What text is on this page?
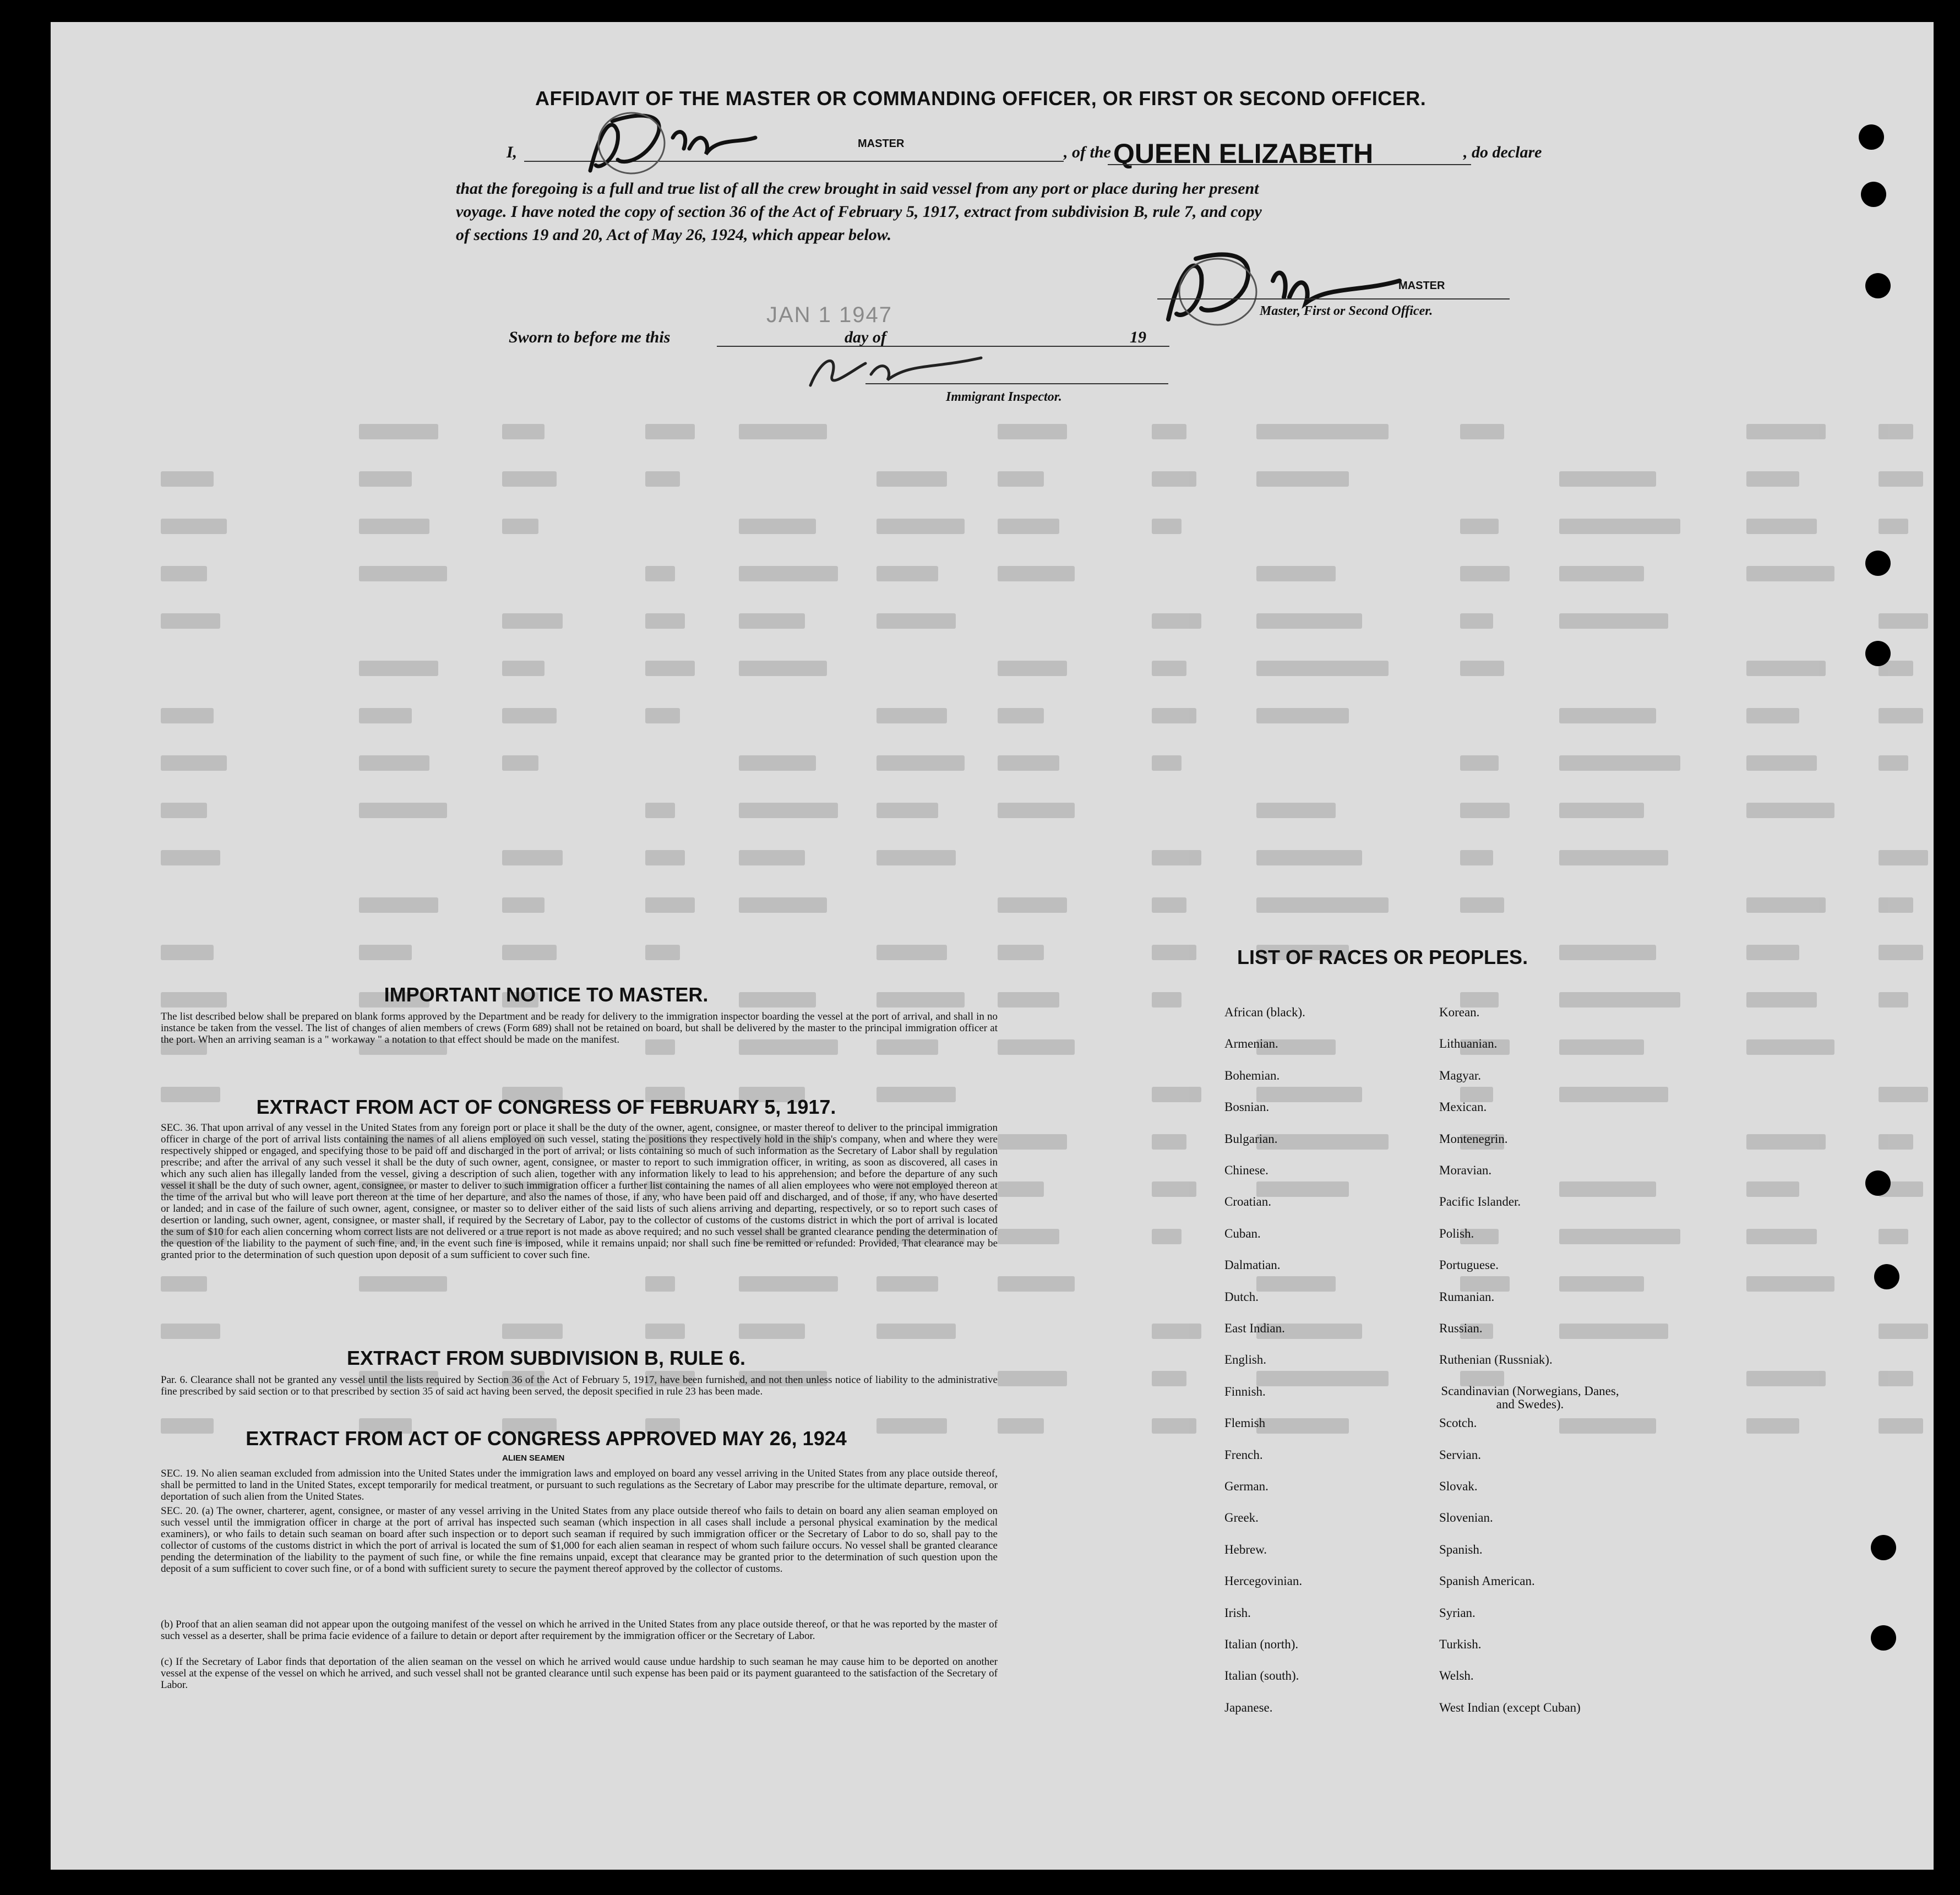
AFFIDAVIT OF THE MASTER OR COMMANDING OFFICER, OR FIRST OR SECOND OFFICER.
I,	MASTER	, of the QUEEN ELIZABETH	, do declare
that the foregoing is a full and true list of all the crew brought in said vessel from any port or place during her present
voyage. I have noted the copy of section 36 of the Act of February 5, 1917, extract from subdivision B, rule 7, and copy
of sections 19 and 20, Act of May 26, 1924, which appear below.
MASTER
Master, First or Second Officer.
Sworn to before me this
JAN 1 1947
day of	19
Immigrant Inspector.
IMPORTANT NOTICE TO MASTER.
The list described below shall be prepared on blank forms approved by the Department and be ready for delivery to the immigration inspector boarding the vessel at the port of arrival, and shall in no instance be taken from the vessel. The list of changes of alien members of crews (Form 689) shall not be retained on board, but shall be delivered by the master to the principal immigration officer at the port. When an arriving seaman is a " workaway " a notation to that effect should be made on the manifest.
EXTRACT FROM ACT OF CONGRESS OF FEBRUARY 5, 1917.
SEC. 36. That upon arrival of any vessel in the United States from any foreign port or place it shall be the duty of the owner, agent, consignee, or master thereof to deliver to the principal immigration officer in charge of the port of arrival lists containing the names of all aliens employed on such vessel, stating the positions they respectively hold in the ship's company, when and where they were respectively shipped or engaged, and specifying those to be paid off and discharged in the port of arrival; or lists containing so much of such information as the Secretary of Labor shall by regulation prescribe; and after the arrival of any such vessel it shall be the duty of such owner, agent, consignee, or master to report to such immigration officer, in writing, as soon as discovered, all cases in which any such alien has illegally landed from the vessel, giving a description of such alien, together with any information likely to lead to his apprehension; and before the departure of any such vessel it shall be the duty of such owner, agent, consignee, or master to deliver to such immigration officer a further list containing the names of all alien employees who were not employed thereon at the time of the arrival but who will leave port thereon at the time of her departure, and also the names of those, if any, who have been paid off and discharged, and of those, if any, who have deserted or landed; and in case of the failure of such owner, agent, consignee, or master so to deliver either of the said lists of such aliens arriving and departing, respectively, or so to report such cases of desertion or landing, such owner, agent, consignee, or master shall, if required by the Secretary of Labor, pay to the collector of customs of the customs district in which the port of arrival is located the sum of $10 for each alien concerning whom correct lists are not delivered or a true report is not made as above required; and no such vessel shall be granted clearance pending the determination of the question of the liability to the payment of such fine, and, in the event such fine is imposed, while it remains unpaid; nor shall such fine be remitted or refunded: Provided, That clearance may be granted prior to the determination of such question upon deposit of a sum sufficient to cover such fine.
EXTRACT FROM SUBDIVISION B, RULE 6.
Par. 6. Clearance shall not be granted any vessel until the lists required by Section 36 of the Act of February 5, 1917, have been furnished, and not then unless notice of liability to the administrative fine prescribed by said section or to that prescribed by section 35 of said act having been served, the deposit specified in rule 23 has been made.
EXTRACT FROM ACT OF CONGRESS APPROVED MAY 26, 1924
ALIEN SEAMEN
SEC. 19. No alien seaman excluded from admission into the United States under the immigration laws and employed on board any vessel arriving in the United States from any place outside thereof, shall be permitted to land in the United States, except temporarily for medical treatment, or pursuant to such regulations as the Secretary of Labor may prescribe for the ultimate departure, removal, or deportation of such alien from the United States.
SEC. 20. (a) The owner, charterer, agent, consignee, or master of any vessel arriving in the United States from any place outside thereof who fails to detain on board any alien seaman employed on such vessel until the immigration officer in charge at the port of arrival has inspected such seaman (which inspection in all cases shall include a personal physical examination by the medical examiners), or who fails to detain such seaman on board after such inspection or to deport such seaman if required by such immigration officer or the Secretary of Labor to do so, shall pay to the collector of customs of the customs district in which the port of arrival is located the sum of $1,000 for each alien seaman in respect of whom such failure occurs. No vessel shall be granted clearance pending the determination of the liability to the payment of such fine, or while the fine remains unpaid, except that clearance may be granted prior to the determination of such question upon the deposit of a sum sufficient to cover such fine, or of a bond with sufficient surety to secure the payment thereof approved by the collector of customs.
(b) Proof that an alien seaman did not appear upon the outgoing manifest of the vessel on which he arrived in the United States from any place outside thereof, or that he was reported by the master of such vessel as a deserter, shall be prima facie evidence of a failure to detain or deport after requirement by the immigration officer or the Secretary of Labor.
(c) If the Secretary of Labor finds that deportation of the alien seaman on the vessel on which he arrived would cause undue hardship to such seaman he may cause him to be deported on another vessel at the expense of the vessel on which he arrived, and such vessel shall not be granted clearance until such expense has been paid or its payment guaranteed to the satisfaction of the Secretary of Labor.
LIST OF RACES OR PEOPLES.
African (black).
Armenian.
Bohemian.
Bosnian.
Bulgarian.
Chinese.
Croatian.
Cuban.
Dalmatian.
Dutch.
East Indian.
English.
Finnish.
Flemish
French.
German.
Greek.
Hebrew.
Hercegovinian.
Irish.
Italian (north).
Italian (south).
Japanese.
Korean.
Lithuanian.
Magyar.
Mexican.
Montenegrin.
Moravian.
Pacific Islander.
Polish.
Portuguese.
Rumanian.
Russian.
Ruthenian (Russniak).
Scandinavian (Norwegians, Danes, and Swedes).
Scotch.
Servian.
Slovak.
Slovenian.
Spanish.
Spanish American.
Syrian.
Turkish.
Welsh.
West Indian (except Cuban)
